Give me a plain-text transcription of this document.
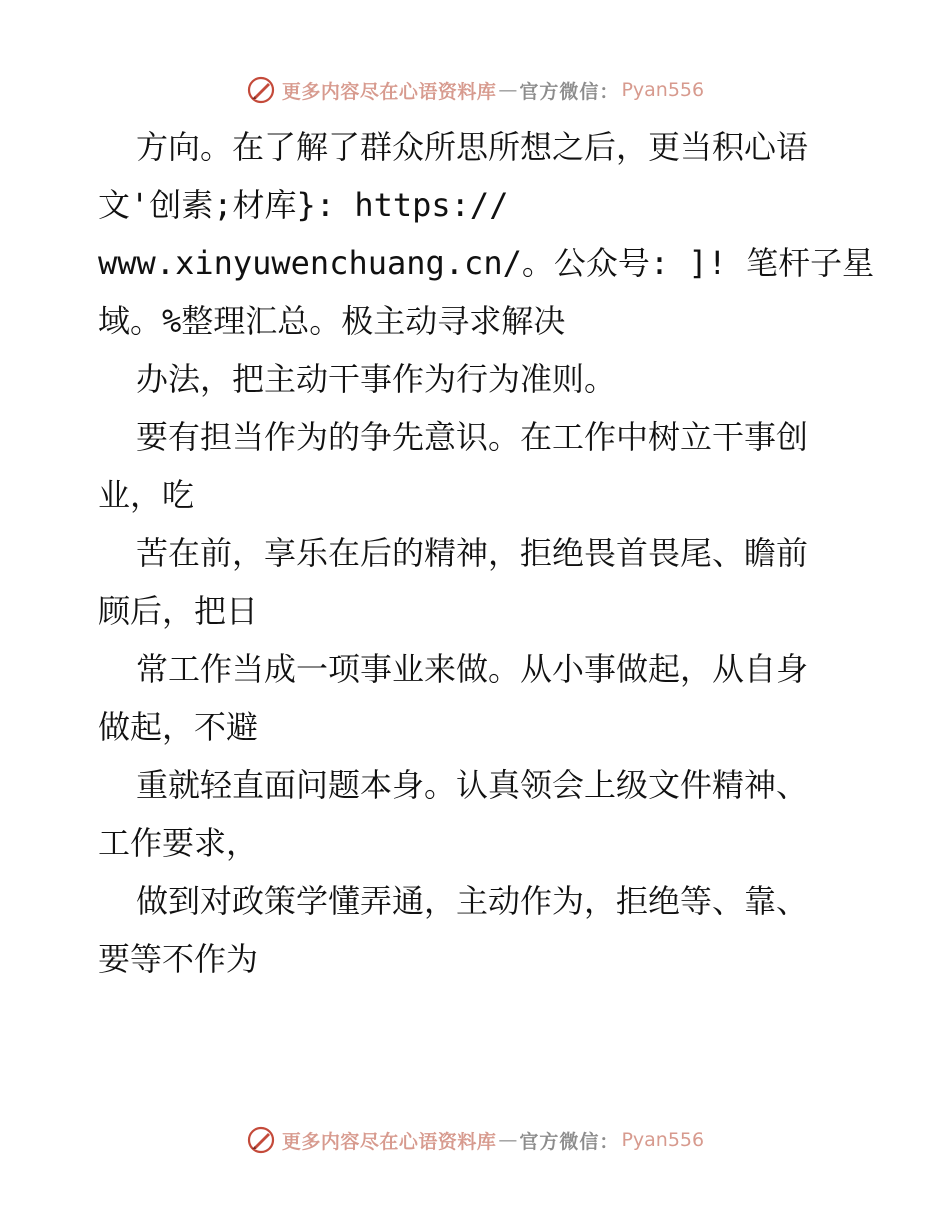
更多内容尽在心语资料库 — 官方微信： Pyan556
方向。在了解了群众所思所想之后，更当积心语
文'创素;材库}: https://
www.xinyuwenchuang.cn/。公众号: ]! 笔杆子星
域。%整理汇总。极主动寻求解决
办法，把主动干事作为行为准则。
要有担当作为的争先意识。在工作中树立干事创
业，吃
苦在前，享乐在后的精神，拒绝畏首畏尾、瞻前
顾后，把日
常工作当成一项事业来做。从小事做起，从自身
做起，不避
重就轻直面问题本身。认真领会上级文件精神、
工作要求，
做到对政策学懂弄通，主动作为，拒绝等、靠、
要等不作为
更多内容尽在心语资料库 — 官方微信： Pyan556
